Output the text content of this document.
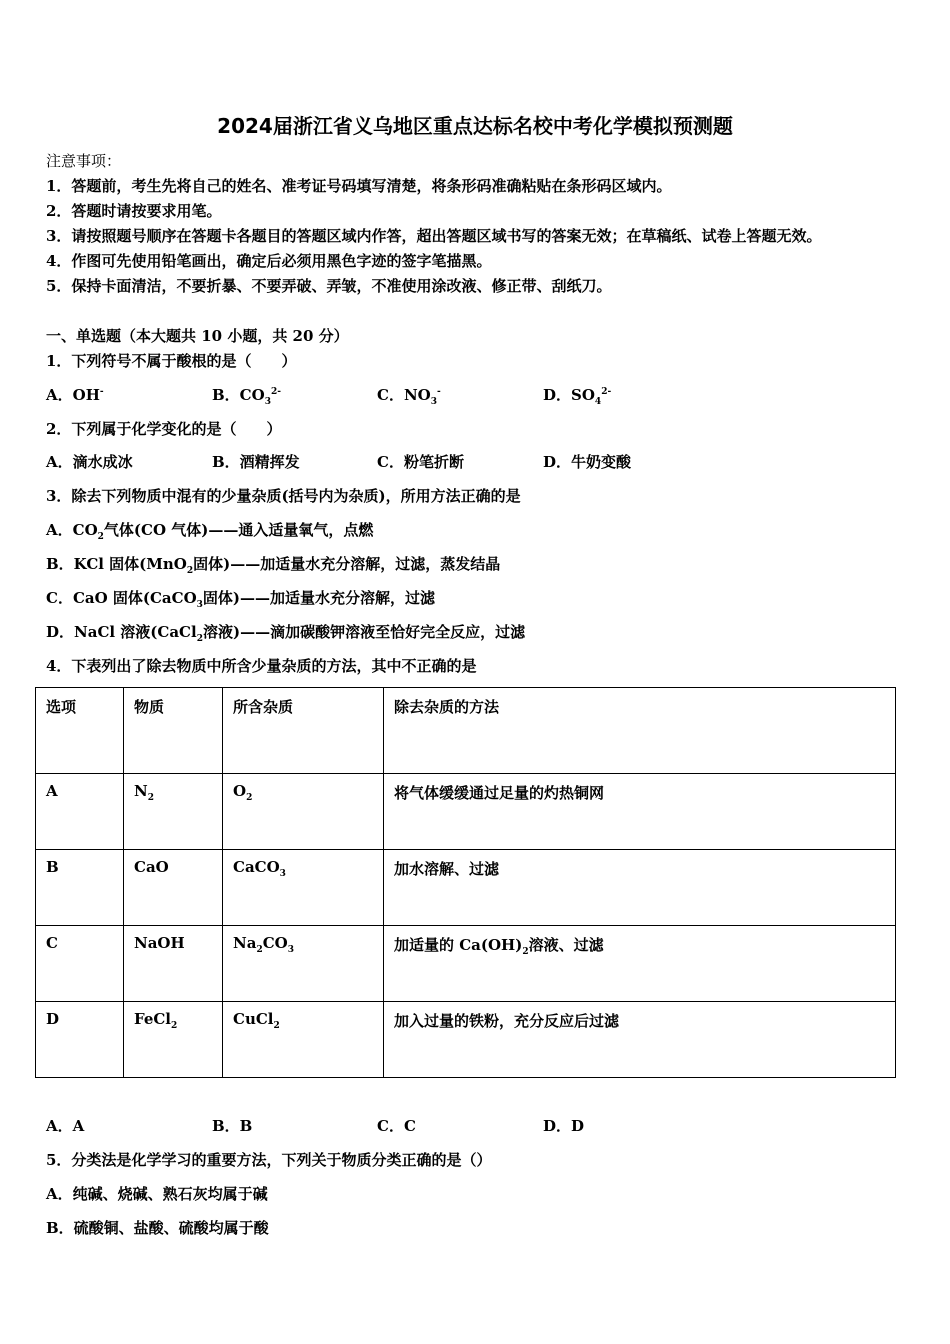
2024届浙江省义乌地区重点达标名校中考化学模拟预测题
注意事项：
1．答题前，考生先将自己的姓名、准考证号码填写清楚，将条形码准确粘贴在条形码区域内。
2．答题时请按要求用笔。
3．请按照题号顺序在答题卡各题目的答题区域内作答，超出答题区域书写的答案无效；在草稿纸、试卷上答题无效。
4．作图可先使用铅笔画出，确定后必须用黑色字迹的签字笔描黑。
5．保持卡面清洁，不要折暴、不要弄破、弄皱，不准使用涂改液、修正带、刮纸刀。
一、单选题（本大题共 10 小题，共 20 分）
1．下列符号不属于酸根的是（　　）
A．OH-	B．$CO_3^{2-}$	C．$NO_3^-$	D．$SO_4^{2-}$
2．下列属于化学变化的是（　　）
A．滴水成冰	B．酒精挥发	C．粉笔折断	D．牛奶变酸
3．除去下列物质中混有的少量杂质(括号内为杂质)，所用方法正确的是
A．$CO_2$气体(CO 气体)——通入适量氧气，点燃
B．KCl 固体(MnO$_2$固体)——加适量水充分溶解，过滤，蒸发结晶
C．CaO 固体(CaCO$_3$固体)——加适量水充分溶解，过滤
D．NaCl 溶液(CaCl$_2$溶液)——滴加碳酸钾溶液至恰好完全反应，过滤
4．下表列出了除去物质中所含少量杂质的方法，其中不正确的是
选项	物质	所含杂质	除去杂质的方法
A	$N_2$	$O_2$	将气体缓缓通过足量的灼热铜网
B	CaO	CaCO$_3$	加水溶解、过滤
C	NaOH	$Na_2CO_3$	加适量的 $Ca(OH)_2$溶液、过滤
D	FeCl$_2$	CuCl$_2$	加入过量的铁粉，充分反应后过滤
A．A	B．B	C．C	D．D
5．分类法是化学学习的重要方法，下列关于物质分类正确的是（）
A．纯碱、烧碱、熟石灰均属于碱
B．硫酸铜、盐酸、硫酸均属于酸
